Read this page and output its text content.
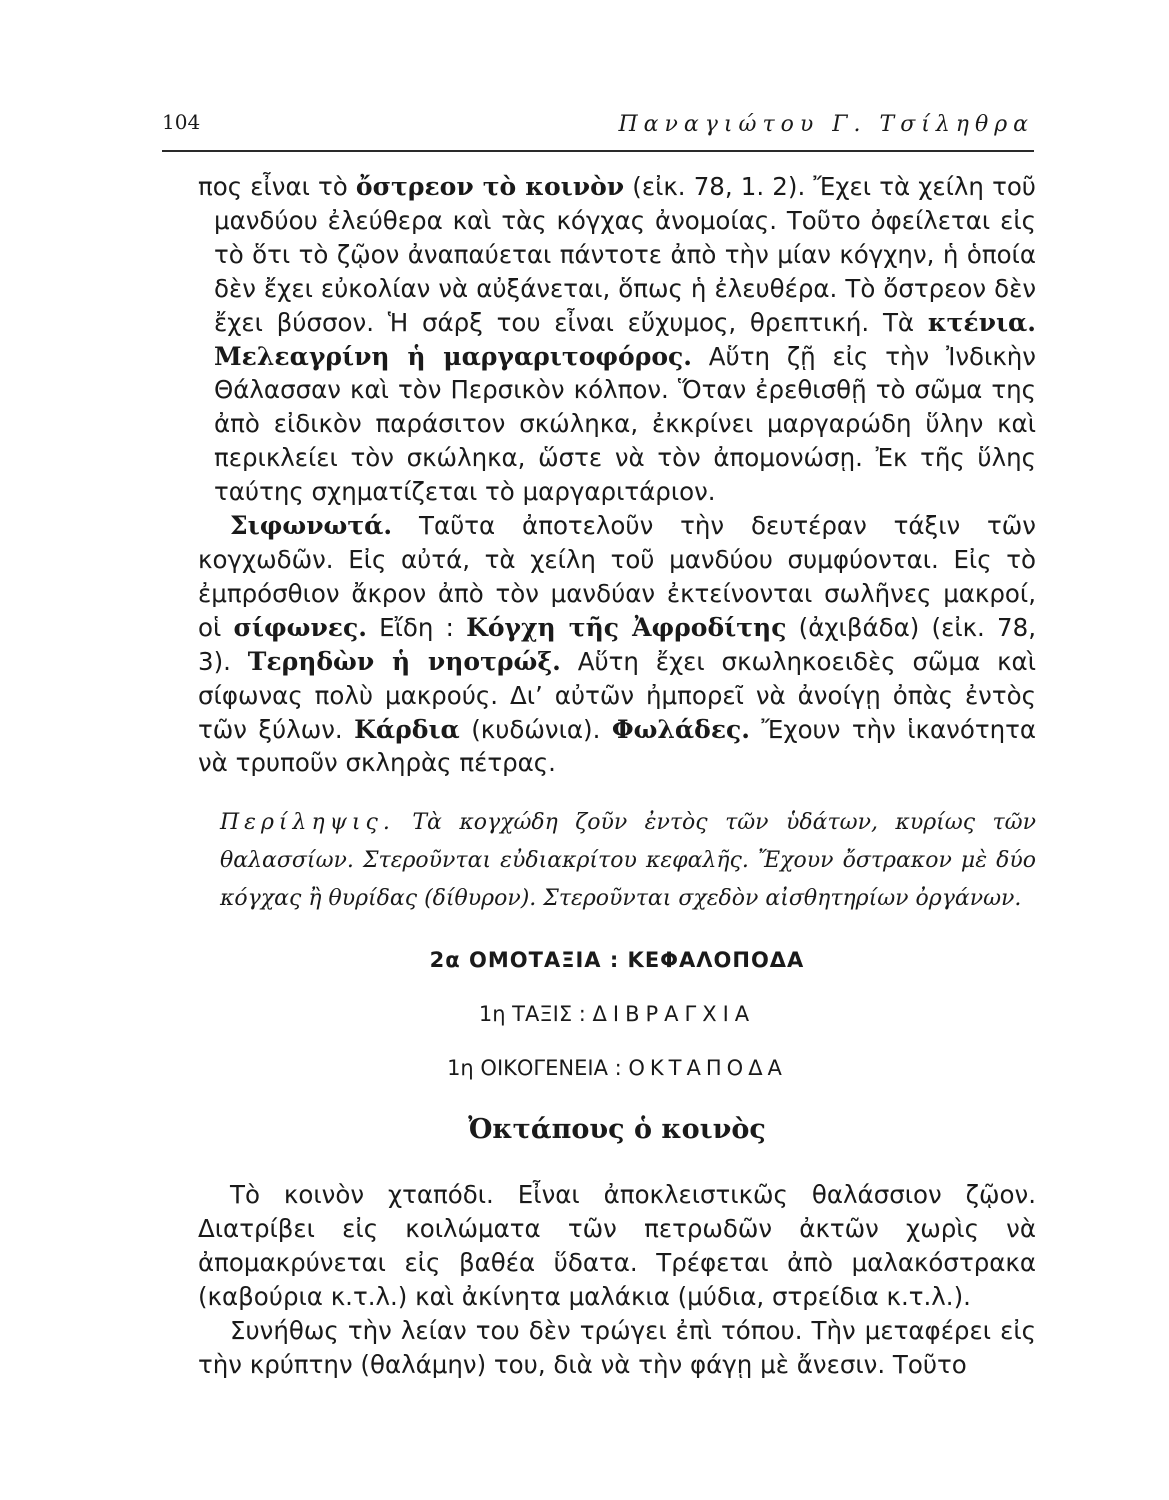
104	Παναγιώτου Γ. Τσίληθρα

πος εἶναι τὸ ὄστρεον τὸ κοινὸν (εἰκ. 78, 1. 2). Ἔχει τὰ χείλη τοῦ μανδύου ἐλεύθερα καὶ τὰς κόγχας ἀνομοίας. Τοῦτο ὀφείλεται εἰς τὸ ὅτι τὸ ζῷον ἀναπαύεται πάντοτε ἀπὸ τὴν μίαν κόγχην, ἡ ὁποία δὲν ἔχει εὐκολίαν νὰ αὐξάνεται, ὅπως ἡ ἐλευθέρα. Τὸ ὄστρεον δὲν ἔχει βύσσον. Ἡ σάρξ του εἶναι εὔχυμος, θρεπτική. Τὰ κτένια. Μελεαγρίνη ἡ μαργαριτοφόρος. Αὕτη ζῇ εἰς τὴν Ἰνδικὴν Θάλασσαν καὶ τὸν Περσικὸν κόλπον. Ὅταν ἐρεθισθῇ τὸ σῶμα της ἀπὸ εἰδικὸν παράσιτον σκώληκα, ἐκκρίνει μαργαρώδη ὕλην καὶ περικλείει τὸν σκώληκα, ὥστε νὰ τὸν ἀπομονώσῃ. Ἐκ τῆς ὕλης ταύτης σχηματίζεται τὸ μαργαριτάριον.

Σιφωνωτά. Ταῦτα ἀποτελοῦν τὴν δευτέραν τάξιν τῶν κογχωδῶν. Εἰς αὐτά, τὰ χείλη τοῦ μανδύου συμφύονται. Εἰς τὸ ἐμπρόσθιον ἄκρον ἀπὸ τὸν μανδύαν ἐκτείνονται σωλῆνες μακροί, οἱ σίφωνες. Εἴδη : Κόγχη τῆς Ἀφροδίτης (ἀχιβάδα) (εἰκ. 78, 3). Τερηδὼν ἡ νηοτρώξ. Αὕτη ἔχει σκωληκοειδὲς σῶμα καὶ σίφωνας πολὺ μακρούς. Δι’ αὐτῶν ἠμπορεῖ νὰ ἀνοίγῃ ὀπὰς ἐντὸς τῶν ξύλων. Κάρδια (κυδώνια). Φωλάδες. Ἔχουν τὴν ἱκανότητα νὰ τρυποῦν σκληρὰς πέτρας.

Περίληψις. Τὰ κογχώδη ζοῦν ἐντὸς τῶν ὑδάτων, κυρίως τῶν θαλασσίων. Στεροῦνται εὐδιακρίτου κεφαλῆς. Ἔχουν ὄστρακον μὲ δύο κόγχας ἢ θυρίδας (δίθυρον). Στεροῦνται σχεδὸν αἰσθητηρίων ὀργάνων.
2α ΟΜΟΤΑΞΙΑ : ΚΕΦΑΛΟΠΟΔΑ
1η ΤΑΞΙΣ : ΔΙΒΡΑΓΧΙΑ
1η ΟΙΚΟΓΕΝΕΙΑ : ΟΚΤΑΠΟΔΑ
Ὀκτάπους ὁ κοινὸς

Τὸ κοινὸν χταπόδι. Εἶναι ἀποκλειστικῶς θαλάσσιον ζῷον. Διατρίβει εἰς κοιλώματα τῶν πετρωδῶν ἀκτῶν χωρὶς νὰ ἀπομακρύνεται εἰς βαθέα ὕδατα. Τρέφεται ἀπὸ μαλακόστρακα (καβούρια κ.τ.λ.) καὶ ἀκίνητα μαλάκια (μύδια, στρείδια κ.τ.λ.).

Συνήθως τὴν λείαν του δὲν τρώγει ἐπὶ τόπου. Τὴν μεταφέρει εἰς τὴν κρύπτην (θαλάμην) του, διὰ νὰ τὴν φάγῃ μὲ ἄνεσιν. Τοῦτο
